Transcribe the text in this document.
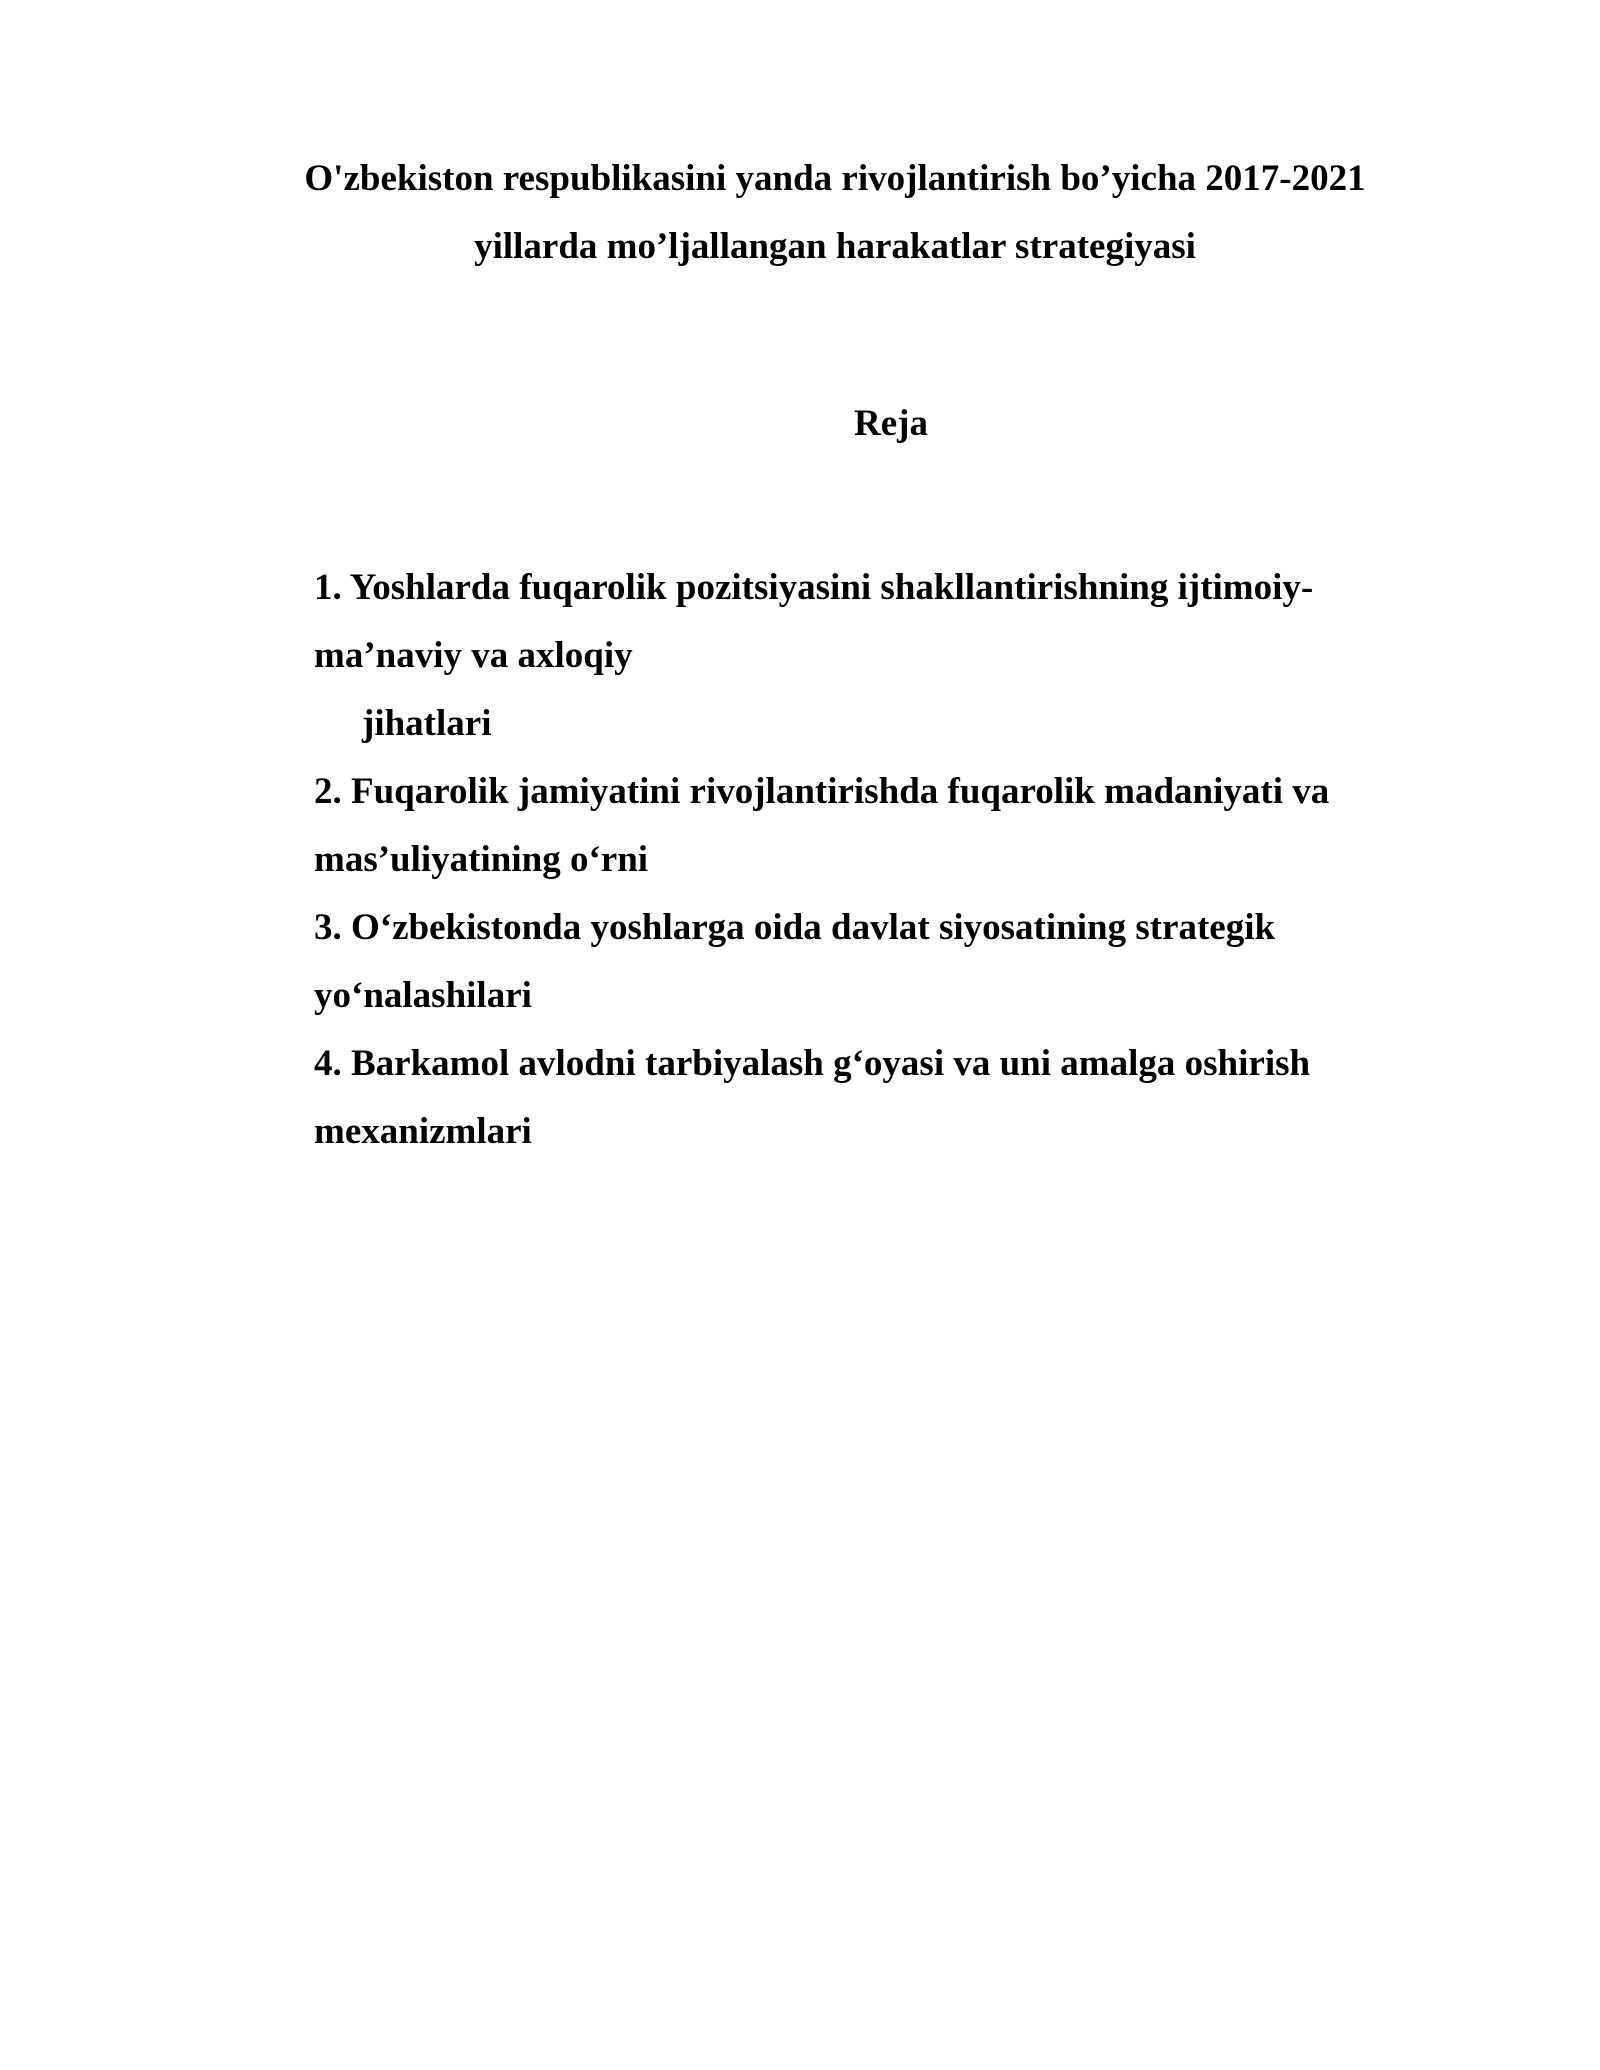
O'zbekiston respublikasini yanda rivojlantirish bo’yicha 2017-2021
yillarda mo’ljallangan harakatlar strategiyasi
Reja
1. Yoshlarda fuqarolik pozitsiyasini shakllantirishning ijtimoiy-
ma’naviy va axloqiy
jihatlari
2. Fuqarolik jamiyatini rivojlantirishda fuqarolik madaniyati va
mas’uliyatining o‘rni
3. O‘zbekistonda yoshlarga oida davlat siyosatining strategik
yo‘nalashilari
4. Barkamol avlodni tarbiyalash g‘oyasi va uni amalga oshirish
mexanizmlari
